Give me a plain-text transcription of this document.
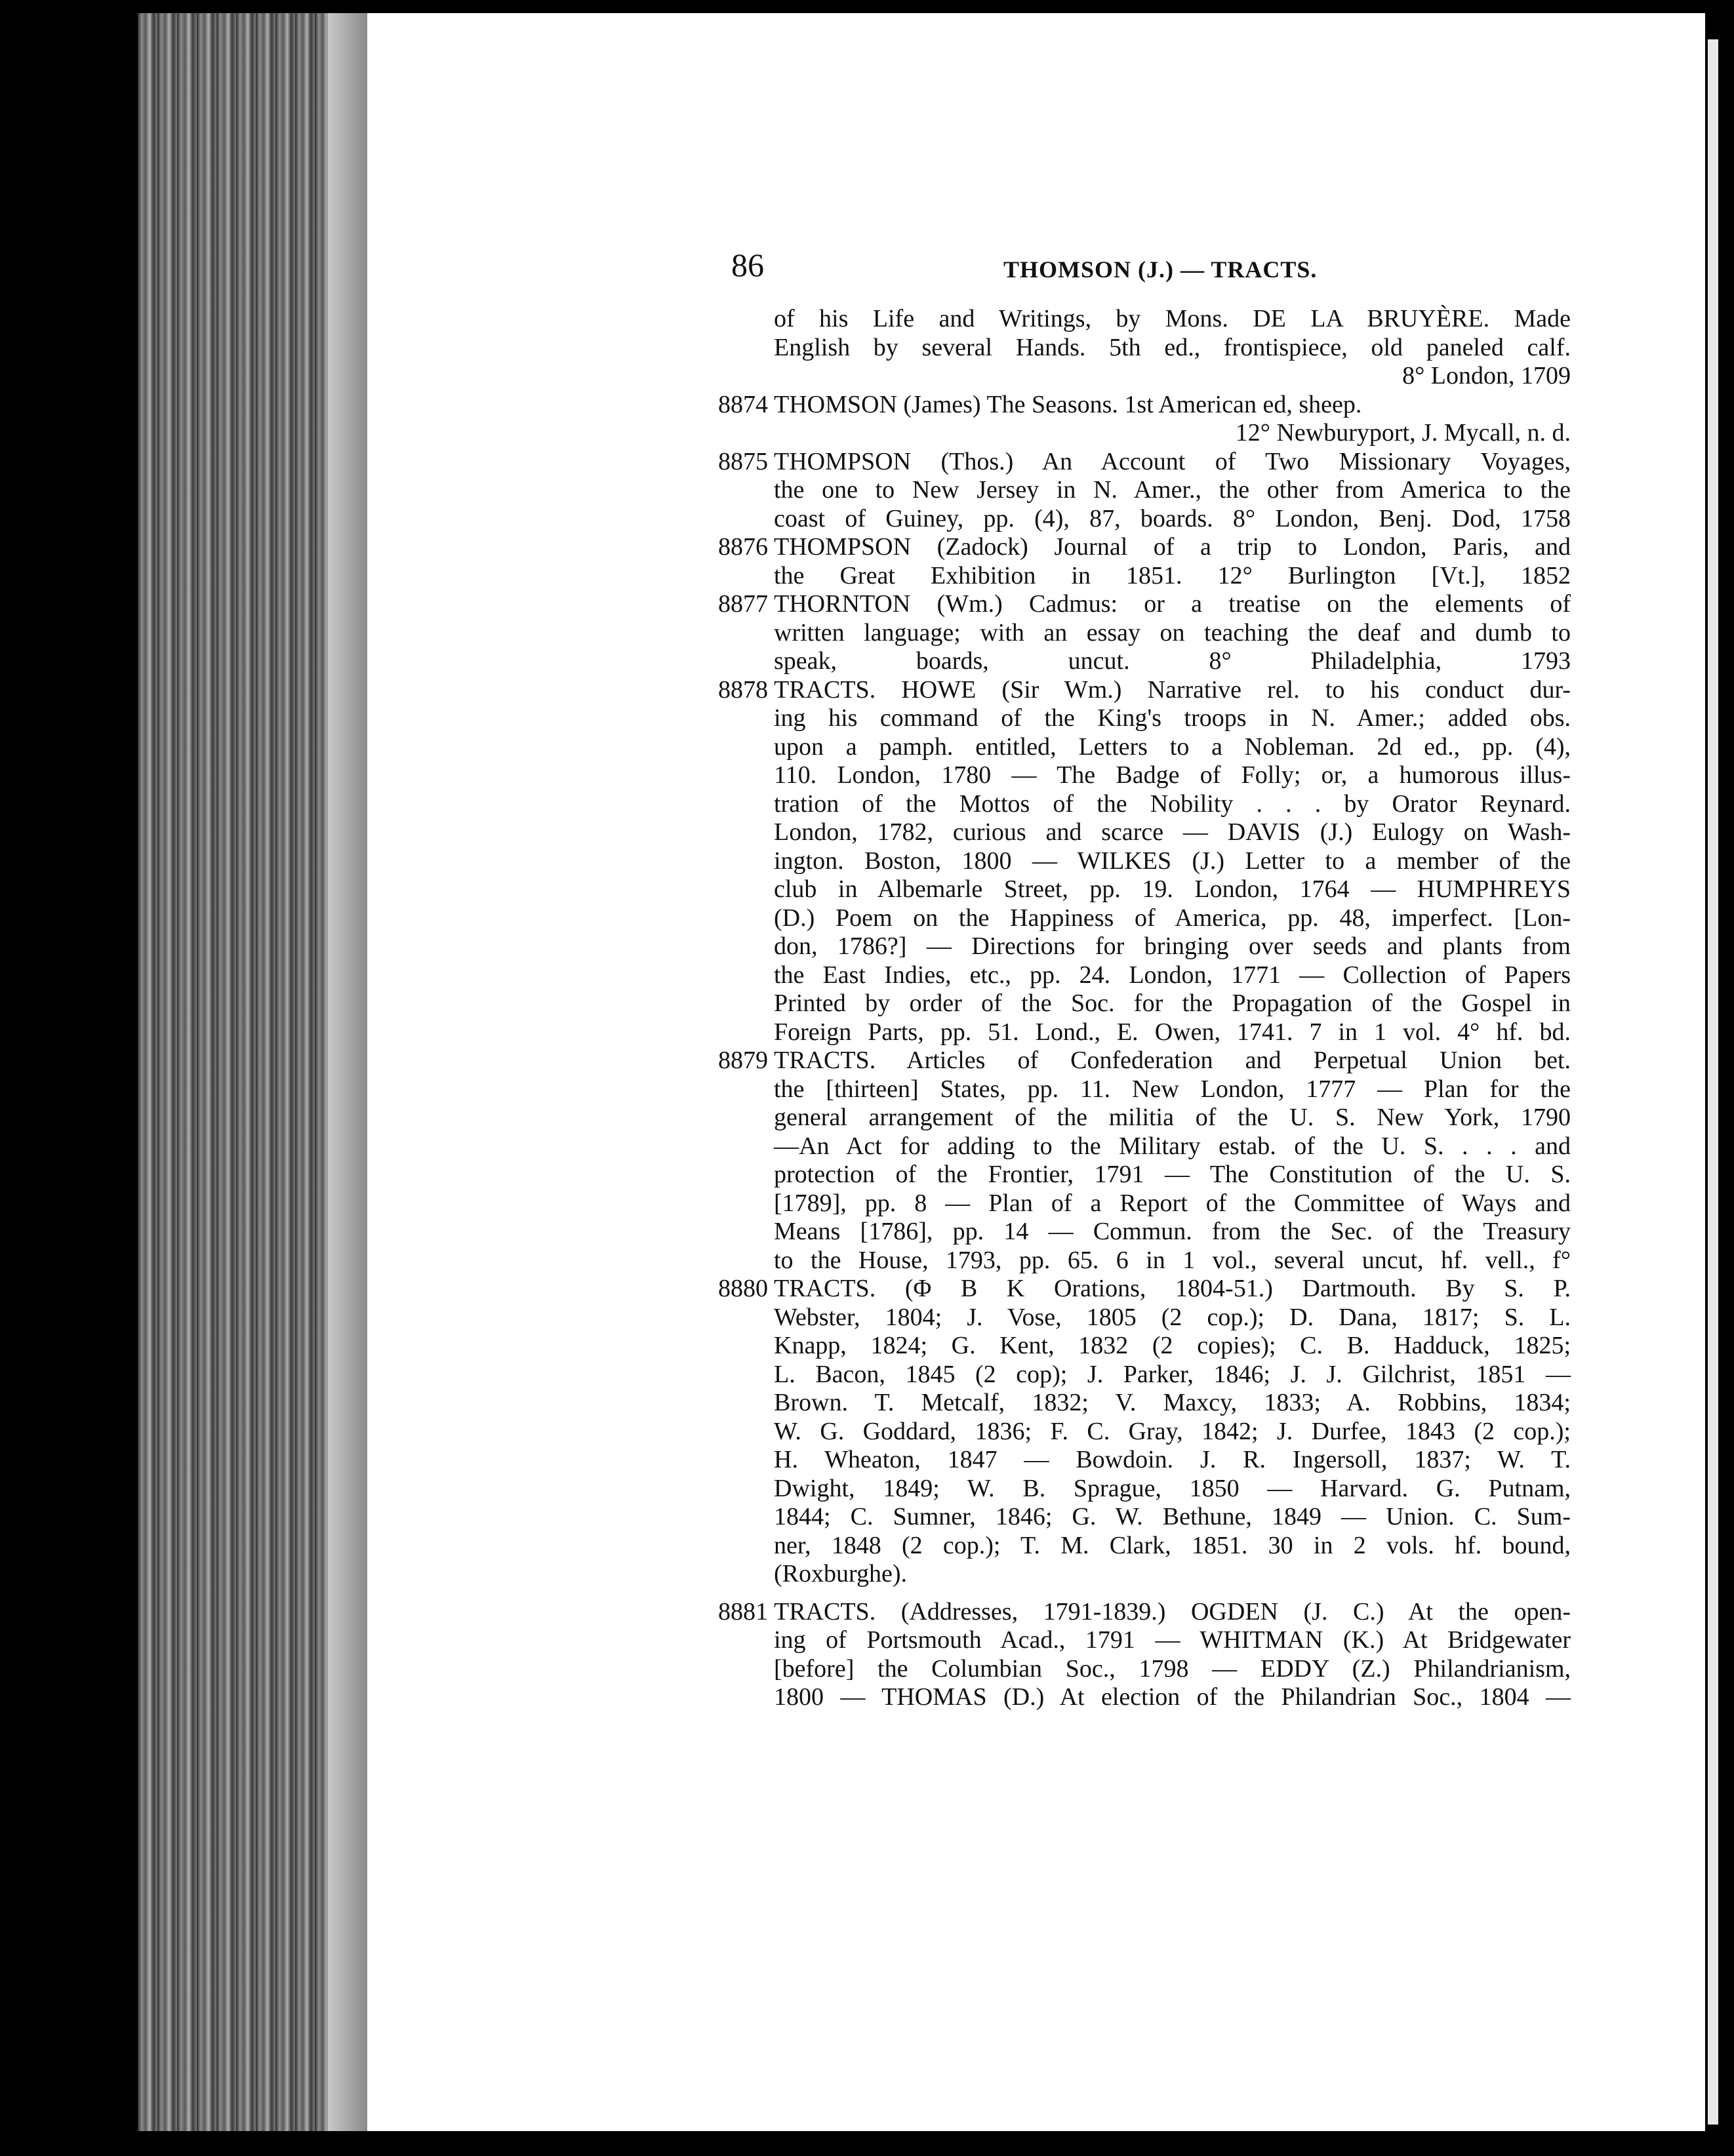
86	THOMSON (J.) — TRACTS.
of his Life and Writings, by Mons. DE LA BRUYÈRE. Made
English by several Hands. 5th ed., frontispiece, old paneled calf.
8° London, 1709
8874 THOMSON (James) The Seasons. 1st American ed, sheep.
12° Newburyport, J. Mycall, n. d.
8875 THOMPSON (Thos.) An Account of Two Missionary Voyages,
the one to New Jersey in N. Amer., the other from America to the
coast of Guiney, pp. (4), 87, boards. 8° London, Benj. Dod, 1758
8876 THOMPSON (Zadock) Journal of a trip to London, Paris, and
the Great Exhibition in 1851. 12° Burlington [Vt.], 1852
8877 THORNTON (Wm.) Cadmus: or a treatise on the elements of
written language; with an essay on teaching the deaf and dumb to
speak, boards, uncut. 8° Philadelphia, 1793
8878 TRACTS. HOWE (Sir Wm.) Narrative rel. to his conduct dur-
ing his command of the King's troops in N. Amer.; added obs.
upon a pamph. entitled, Letters to a Nobleman. 2d ed., pp. (4),
110. London, 1780 — The Badge of Folly; or, a humorous illus-
tration of the Mottos of the Nobility . . . by Orator Reynard.
London, 1782, curious and scarce — DAVIS (J.) Eulogy on Wash-
ington. Boston, 1800 — WILKES (J.) Letter to a member of the
club in Albemarle Street, pp. 19. London, 1764 — HUMPHREYS
(D.) Poem on the Happiness of America, pp. 48, imperfect. [Lon-
don, 1786?] — Directions for bringing over seeds and plants from
the East Indies, etc., pp. 24. London, 1771 — Collection of Papers
Printed by order of the Soc. for the Propagation of the Gospel in
Foreign Parts, pp. 51. Lond., E. Owen, 1741. 7 in 1 vol. 4° hf. bd.
8879 TRACTS. Articles of Confederation and Perpetual Union bet.
the [thirteen] States, pp. 11. New London, 1777 — Plan for the
general arrangement of the militia of the U. S. New York, 1790
—An Act for adding to the Military estab. of the U. S. . . . and
protection of the Frontier, 1791 — The Constitution of the U. S.
[1789], pp. 8 — Plan of a Report of the Committee of Ways and
Means [1786], pp. 14 — Commun. from the Sec. of the Treasury
to the House, 1793, pp. 65. 6 in 1 vol., several uncut, hf. vell., f°
8880 TRACTS. (Φ B K Orations, 1804-51.) Dartmouth. By S. P.
Webster, 1804; J. Vose, 1805 (2 cop.); D. Dana, 1817; S. L.
Knapp, 1824; G. Kent, 1832 (2 copies); C. B. Hadduck, 1825;
L. Bacon, 1845 (2 cop); J. Parker, 1846; J. J. Gilchrist, 1851 —
Brown. T. Metcalf, 1832; V. Maxcy, 1833; A. Robbins, 1834;
W. G. Goddard, 1836; F. C. Gray, 1842; J. Durfee, 1843 (2 cop.);
H. Wheaton, 1847 — Bowdoin. J. R. Ingersoll, 1837; W. T.
Dwight, 1849; W. B. Sprague, 1850 — Harvard. G. Putnam,
1844; C. Sumner, 1846; G. W. Bethune, 1849 — Union. C. Sum-
ner, 1848 (2 cop.); T. M. Clark, 1851. 30 in 2 vols. hf. bound,
(Roxburghe).
8881 TRACTS. (Addresses, 1791-1839.) OGDEN (J. C.) At the open-
ing of Portsmouth Acad., 1791 — WHITMAN (K.) At Bridgewater
[before] the Columbian Soc., 1798 — EDDY (Z.) Philandrianism,
1800 — THOMAS (D.) At election of the Philandrian Soc., 1804 —
